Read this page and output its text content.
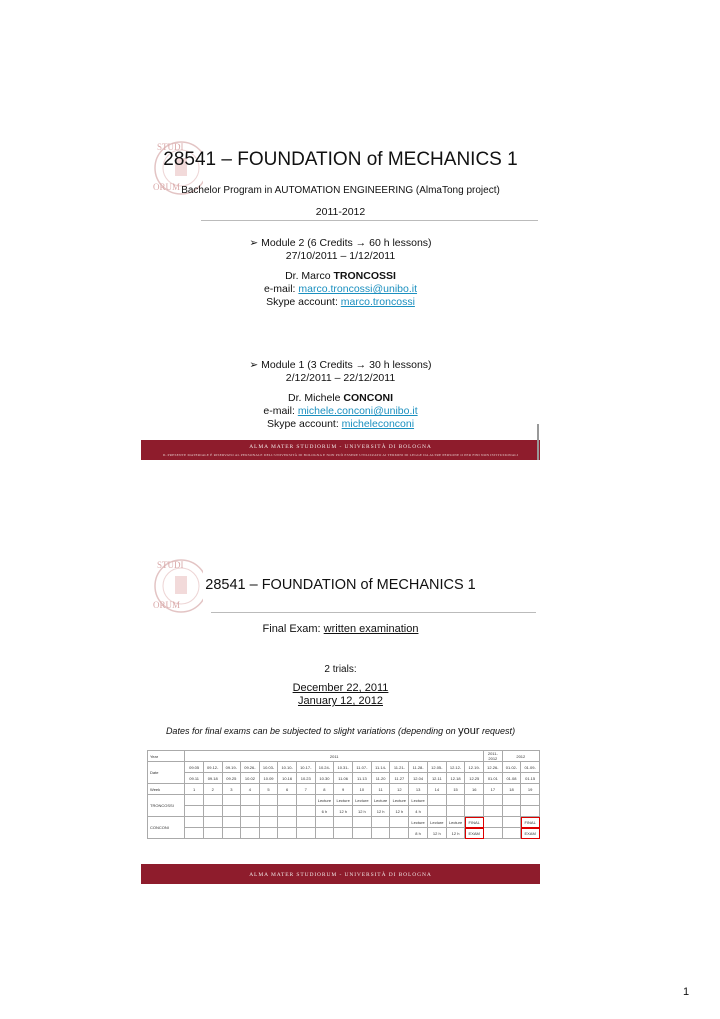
STUDI
ORUM
28541 – FOUNDATION of MECHANICS 1
Bachelor Program in AUTOMATION ENGINEERING (AlmaTong project)
2011-2012
➢ Module 2 (6 Credits → 60 h lessons)
27/10/2011 – 1/12/2011
Dr. Marco TRONCOSSI
e-mail: marco.troncossi@unibo.it
Skype account: marco.troncossi
➢ Module 1 (3 Credits → 30 h lessons)
2/12/2011 – 22/12/2011
Dr. Michele CONCONI
e-mail: michele.conconi@unibo.it
Skype account: micheleconconi
ALMA MATER STUDIORUM - UNIVERSITÀ DI BOLOGNA
IL PRESENTE MATERIALE È RISERVATO AL PERSONALE DELL'UNIVERSITÀ DI BOLOGNA E NON PUÒ ESSERE UTILIZZATO AI TERMINI DI LEGGE DA ALTRE PERSONE O PER FINI NON ISTITUZIONALI
STUDI
ORUM
28541 – FOUNDATION of MECHANICS 1
Final Exam: written examination
2 trials:
December 22, 2011
January 12, 2012
Dates for final exams can be subjected to slight variations (depending on your request)
Year	2011																2011-2012	2012	
Date	09.05	09.12-	09.19-	09.26-	10.03-	10.10-	10.17-	10.24-	10.31-	11.07-	11.14-	11.21-	11.28-	12.05-	12.12-	12.19-	12.26-	01.02-	01.09-
	09.11	09.18	09.25	10.02	10.09	10.16	10.23	10.30	11.06	11.13	11.20	11.27	12.04	12.11	12.18	12.25	01.01	01.08	01.15
Week	1	2	3	4	5	6	7	8	9	10	11	12	13	14	15	16	17	18	19
TRONCOSSI								Lecture	Lecture	Lecture	Lecture	Lecture	Lecture						
								6 h	12 h	12 h	12 h	12 h	4 h						
CONCONI													Lecture	Lecture	Lecture	FINAL			FINAL
													8 h	12 h	12 h	EXAM			EXAM
ALMA MATER STUDIORUM - UNIVERSITÀ DI BOLOGNA
1
